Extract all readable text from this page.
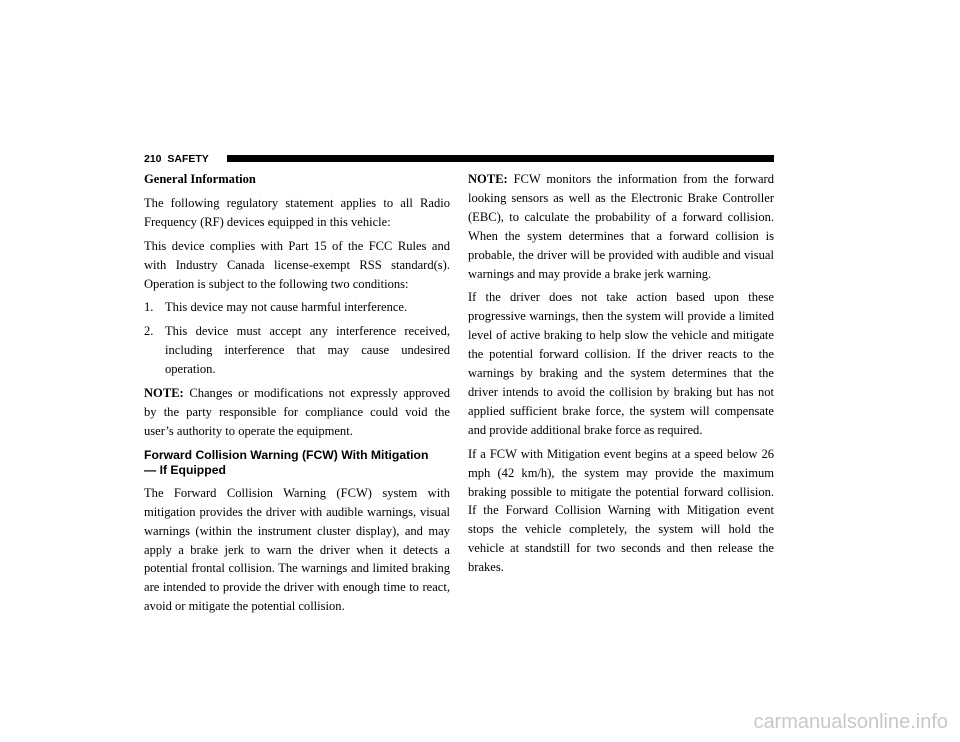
210 SAFETY

General Information

The following regulatory statement applies to all Radio Frequency (RF) devices equipped in this vehicle:

This device complies with Part 15 of the FCC Rules and with Industry Canada license-exempt RSS standard(s). Operation is subject to the following two conditions:

1. This device may not cause harmful interference.
2. This device must accept any interference received, including interference that may cause undesired operation.

NOTE: Changes or modifications not expressly approved by the party responsible for compliance could void the user’s authority to operate the equipment.

Forward Collision Warning (FCW) With Mitigation
— If Equipped

The Forward Collision Warning (FCW) system with mitigation provides the driver with audible warnings, visual warnings (within the instrument cluster display), and may apply a brake jerk to warn the driver when it detects a potential frontal collision. The warnings and limited braking are intended to provide the driver with enough time to react, avoid or mitigate the potential collision.

NOTE: FCW monitors the information from the forward looking sensors as well as the Electronic Brake Controller (EBC), to calculate the probability of a forward collision. When the system determines that a forward collision is probable, the driver will be provided with audible and visual warnings and may provide a brake jerk warning.

If the driver does not take action based upon these progressive warnings, then the system will provide a limited level of active braking to help slow the vehicle and mitigate the potential forward collision. If the driver reacts to the warnings by braking and the system determines that the driver intends to avoid the collision by braking but has not applied sufficient brake force, the system will compensate and provide additional brake force as required.

If a FCW with Mitigation event begins at a speed below 26 mph (42 km/h), the system may provide the maximum braking possible to mitigate the potential forward collision. If the Forward Collision Warning with Mitigation event stops the vehicle completely, the system will hold the vehicle at standstill for two seconds and then release the brakes.

carmanualsonline.info
